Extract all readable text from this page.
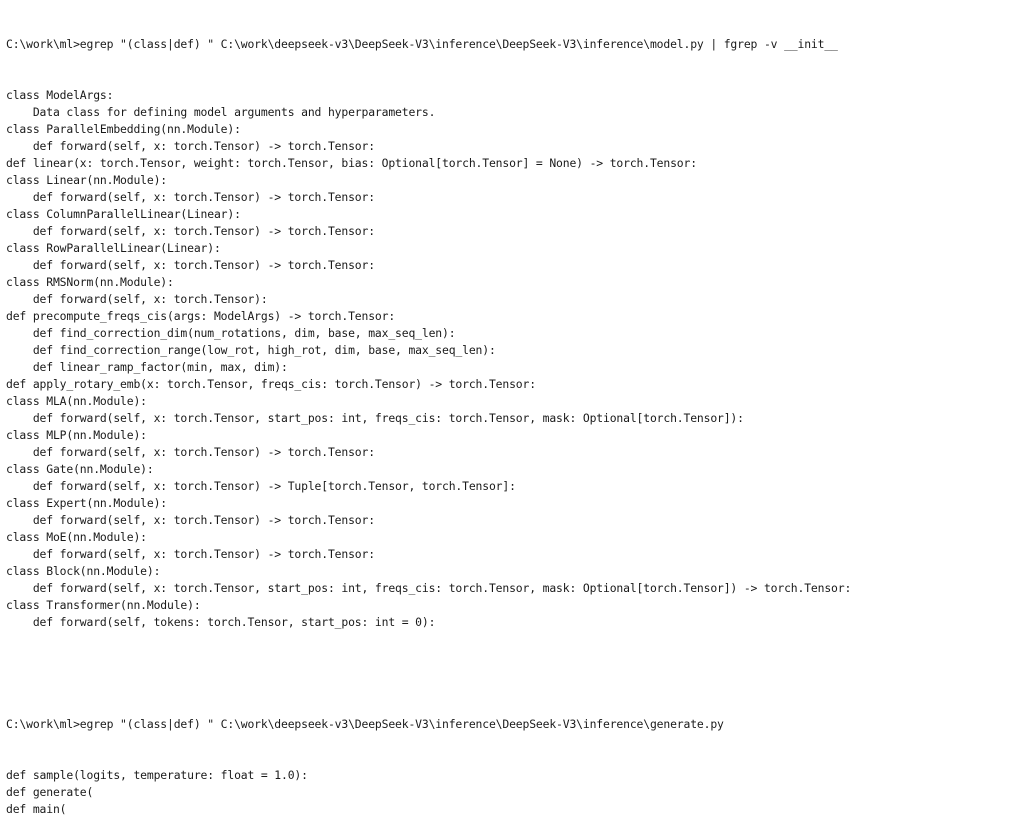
C:\work\ml>egrep "(class|def) " C:\work\deepseek-v3\DeepSeek-V3\inference\DeepSeek-V3\inference\model.py | fgrep -v __init__

class ModelArgs:
Data class for defining model arguments and hyperparameters.
class ParallelEmbedding(nn.Module):
def forward(self, x: torch.Tensor) -> torch.Tensor:
def linear(x: torch.Tensor, weight: torch.Tensor, bias: Optional[torch.Tensor] = None) -> torch.Tensor:
class Linear(nn.Module):
def forward(self, x: torch.Tensor) -> torch.Tensor:
class ColumnParallelLinear(Linear):
def forward(self, x: torch.Tensor) -> torch.Tensor:
class RowParallelLinear(Linear):
def forward(self, x: torch.Tensor) -> torch.Tensor:
class RMSNorm(nn.Module):
def forward(self, x: torch.Tensor):
def precompute_freqs_cis(args: ModelArgs) -> torch.Tensor:
def find_correction_dim(num_rotations, dim, base, max_seq_len):
def find_correction_range(low_rot, high_rot, dim, base, max_seq_len):
def linear_ramp_factor(min, max, dim):
def apply_rotary_emb(x: torch.Tensor, freqs_cis: torch.Tensor) -> torch.Tensor:
class MLA(nn.Module):
def forward(self, x: torch.Tensor, start_pos: int, freqs_cis: torch.Tensor, mask: Optional[torch.Tensor]):
class MLP(nn.Module):
def forward(self, x: torch.Tensor) -> torch.Tensor:
class Gate(nn.Module):
def forward(self, x: torch.Tensor) -> Tuple[torch.Tensor, torch.Tensor]:
class Expert(nn.Module):
def forward(self, x: torch.Tensor) -> torch.Tensor:
class MoE(nn.Module):
def forward(self, x: torch.Tensor) -> torch.Tensor:
class Block(nn.Module):
def forward(self, x: torch.Tensor, start_pos: int, freqs_cis: torch.Tensor, mask: Optional[torch.Tensor]) -> torch.Tensor:
class Transformer(nn.Module):
def forward(self, tokens: torch.Tensor, start_pos: int = 0):

C:\work\ml>egrep "(class|def) " C:\work\deepseek-v3\DeepSeek-V3\inference\DeepSeek-V3\inference\generate.py

def sample(logits, temperature: float = 1.0):
def generate(
def main(
